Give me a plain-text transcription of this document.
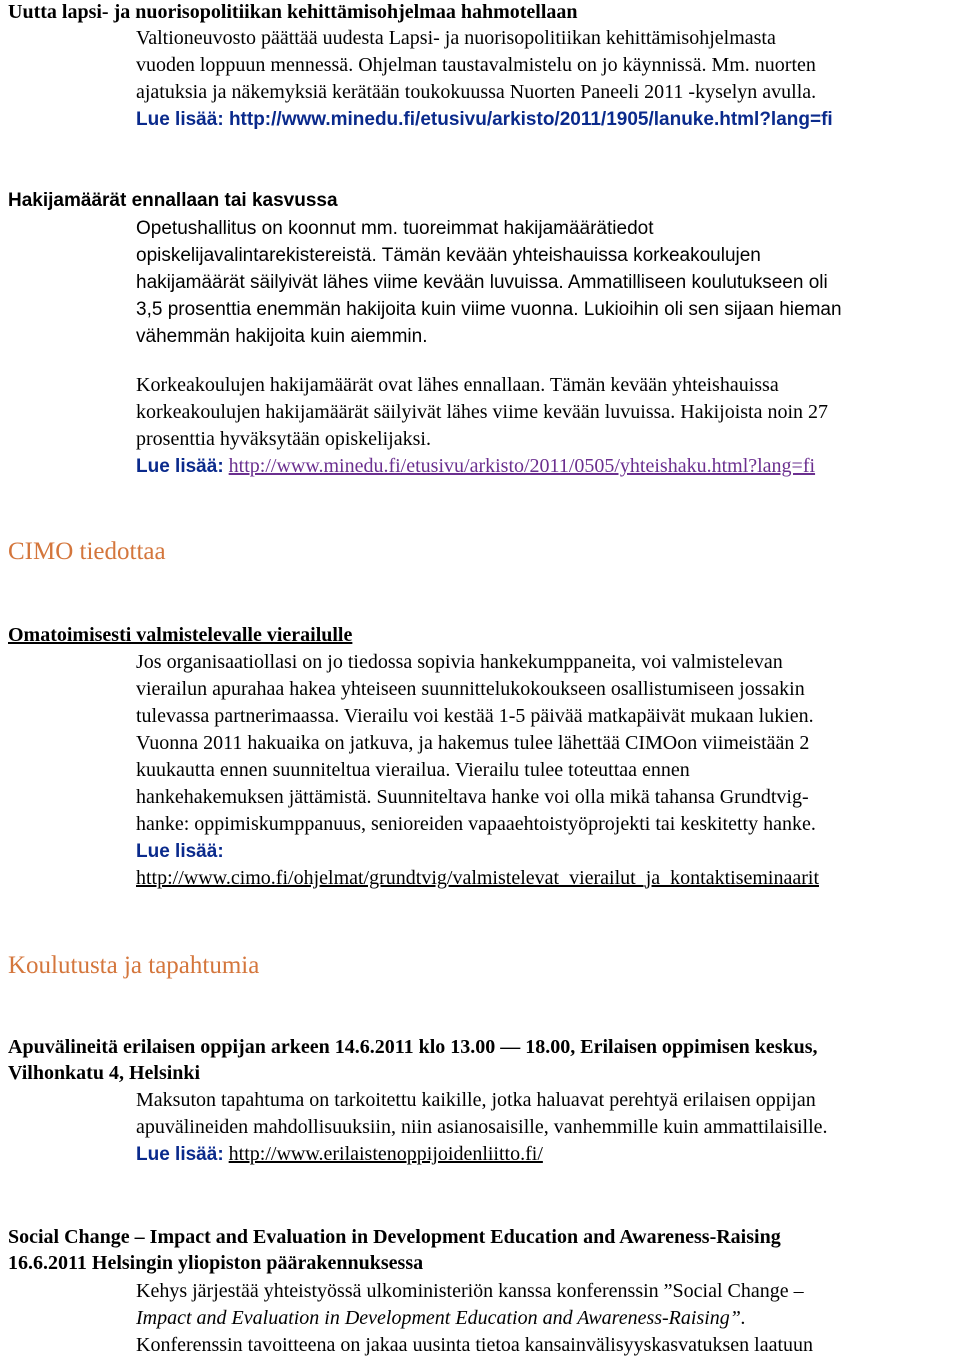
Uutta lapsi- ja nuorisopolitiikan kehittämisohjelmaa hahmotellaan
Valtioneuvosto päättää uudesta Lapsi- ja nuorisopolitiikan kehittämisohjelmasta
vuoden loppuun mennessä. Ohjelman taustavalmistelu on jo käynnissä. Mm. nuorten
ajatuksia ja näkemyksiä kerätään toukokuussa Nuorten Paneeli 2011 -kyselyn avulla.
Lue lisää: http://www.minedu.fi/etusivu/arkisto/2011/1905/lanuke.html?lang=fi
Hakijamäärät ennallaan tai kasvussa
Opetushallitus on koonnut mm. tuoreimmat hakijamäärätiedot
opiskelijavalintarekistereistä. Tämän kevään yhteishauissa korkeakoulujen
hakijamäärät säilyivät lähes viime kevään luvuissa. Ammatilliseen koulutukseen oli
3,5 prosenttia enemmän hakijoita kuin viime vuonna. Lukioihin oli sen sijaan hieman
vähemmän hakijoita kuin aiemmin.
Korkeakoulujen hakijamäärät ovat lähes ennallaan. Tämän kevään yhteishauissa
korkeakoulujen hakijamäärät säilyivät lähes viime kevään luvuissa. Hakijoista noin 27
prosenttia hyväksytään opiskelijaksi.
Lue lisää: http://www.minedu.fi/etusivu/arkisto/2011/0505/yhteishaku.html?lang=fi
CIMO tiedottaa
Omatoimisesti valmistelevalle vierailulle
Jos organisaatiollasi on jo tiedossa sopivia hankekumppaneita, voi valmistelevan
vierailun apurahaa hakea yhteiseen suunnittelukokoukseen osallistumiseen jossakin
tulevassa partnerimaassa. Vierailu voi kestää 1-5 päivää matkapäivät mukaan lukien.
Vuonna 2011 hakuaika on jatkuva, ja hakemus tulee lähettää CIMOon viimeistään 2
kuukautta ennen suunniteltua vierailua. Vierailu tulee toteuttaa ennen
hankehakemuksen jättämistä. Suunniteltava hanke voi olla mikä tahansa Grundtvig-
hanke: oppimiskumppanuus, senioreiden vapaaehtoistyöprojekti tai keskitetty hanke.
Lue lisää:
http://www.cimo.fi/ohjelmat/grundtvig/valmistelevat_vierailut_ja_kontaktiseminaarit
Koulutusta ja tapahtumia
Apuvälineitä erilaisen oppijan arkeen 14.6.2011 klo 13.00 — 18.00, Erilaisen oppimisen keskus,
Vilhonkatu 4, Helsinki
Maksuton tapahtuma on tarkoitettu kaikille, jotka haluavat perehtyä erilaisen oppijan
apuvälineiden mahdollisuuksiin, niin asianosaisille, vanhemmille kuin ammattilaisille.
Lue lisää: http://www.erilaistenoppijoidenliitto.fi/
Social Change – Impact and Evaluation in Development Education and Awareness-Raising
16.6.2011 Helsingin yliopiston päärakennuksessa
Kehys järjestää yhteistyössä ulkoministeriön kanssa konferenssin ”Social Change –
Impact and Evaluation in Development Education and Awareness-Raising”.
Konferenssin tavoitteena on jakaa uusinta tietoa kansainvälisyyskasvatuksen laatuun
